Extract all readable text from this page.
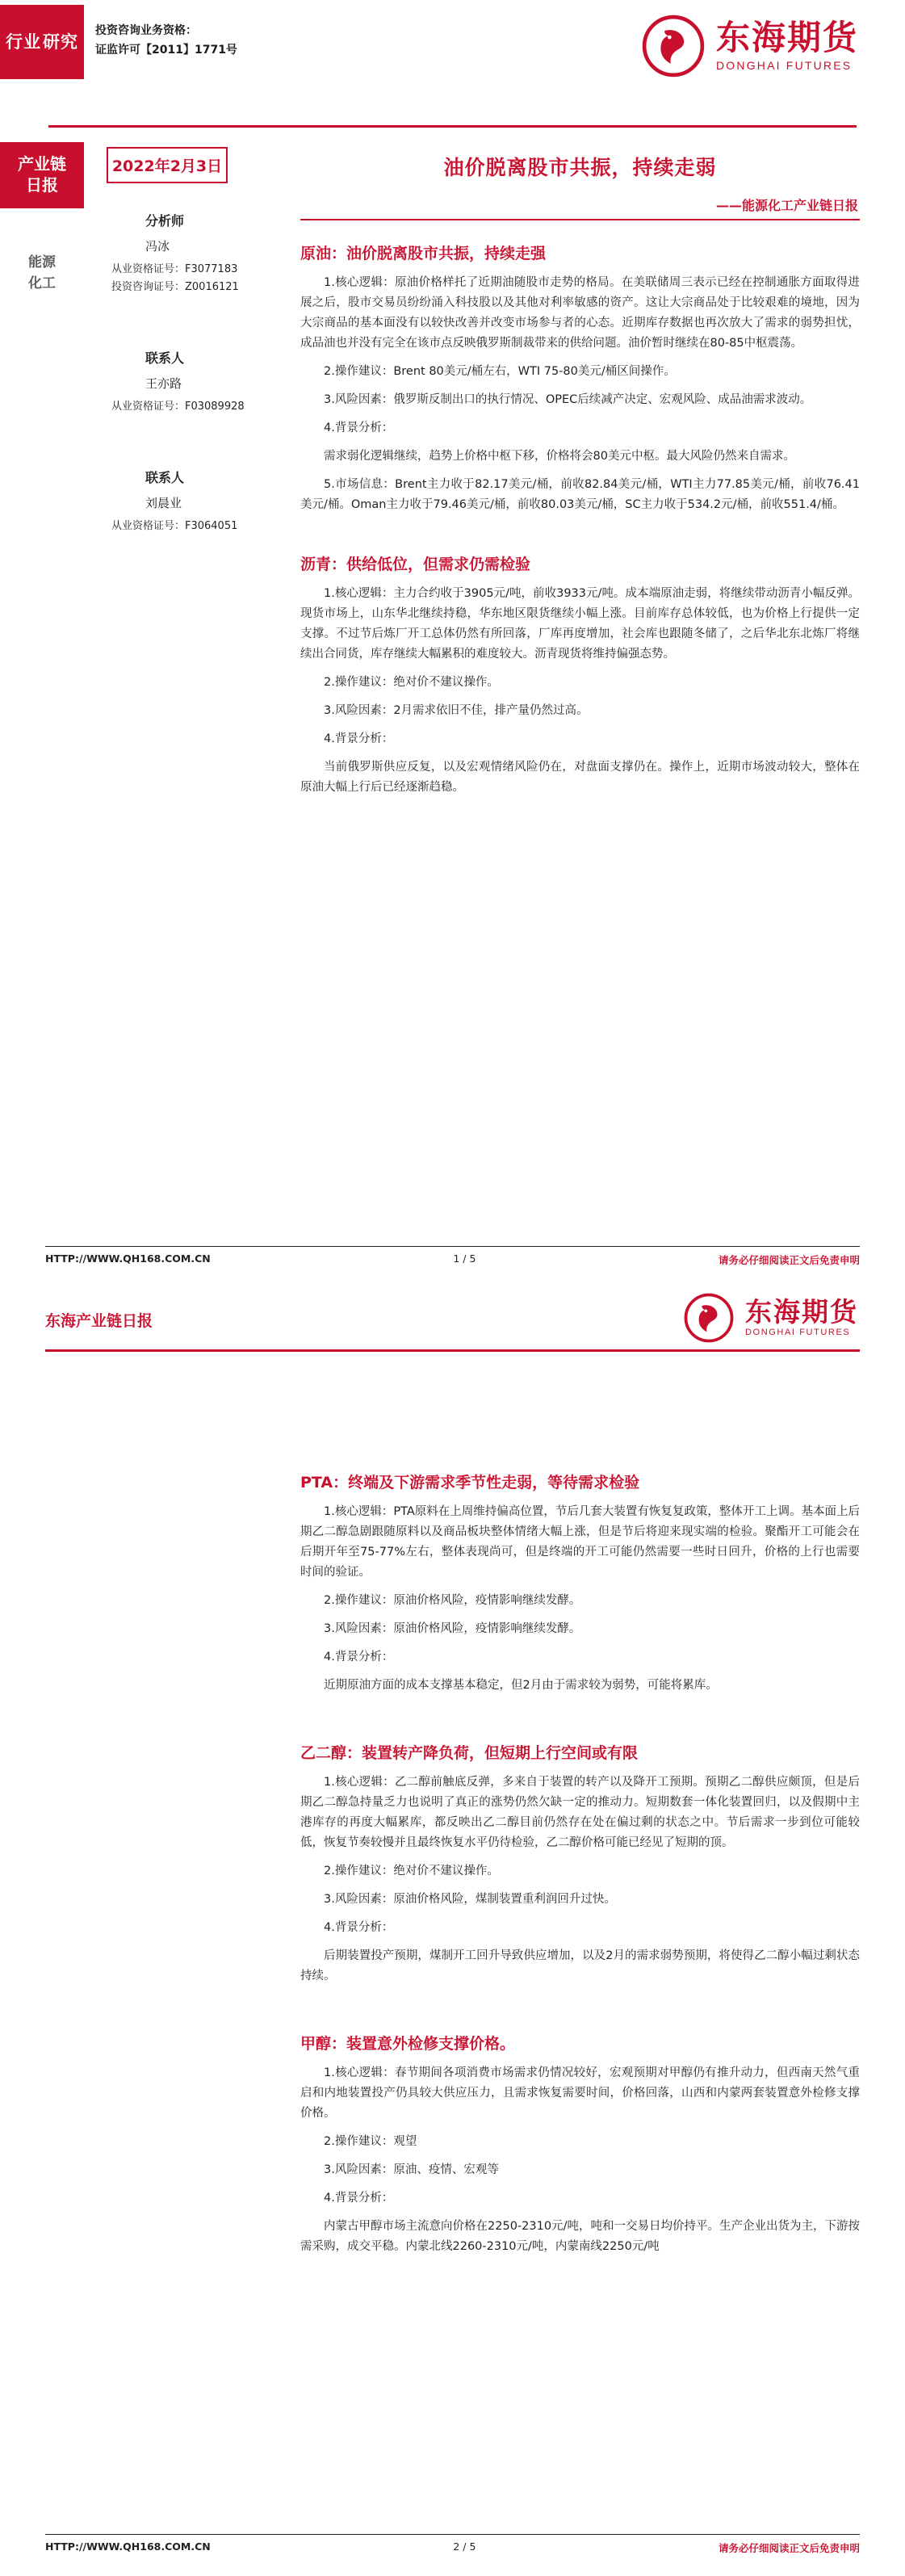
行业 研究
投资咨询业务资格：
证监许可【2011】1771号	东海期货
DONGHAI FUTURES
产业链
日报
能源
化工
2022年2月3日
分析师
冯冰
从业资格证号：F3077183
投资咨询证号：Z0016121
联系人
王亦路
从业资格证号：F03089928
联系人
刘晨业
从业资格证号：F3064051
油价脱离股市共振，持续走弱
——能源化工产业链日报
原油：油价脱离股市共振，持续走强

1.核心逻辑：原油价格样托了近期油随股市走势的格局。在美联储周三表示已经在控制通胀方面取得进展之后，股市交易员纷纷涌入科技股以及其他对利率敏感的资产。这让大宗商品处于比较艰难的境地，因为大宗商品的基本面没有以较快改善并改变市场参与者的心态。近期库存数据也再次放大了需求的弱势担忧，成品油也并没有完全在该市点反映俄罗斯制裁带来的供给问题。油价暂时继续在80-85中枢震荡。

2.操作建议：Brent 80美元/桶左右，WTI 75-80美元/桶区间操作。

3.风险因素：俄罗斯反制出口的执行情况、OPEC后续减产决定、宏观风险、成品油需求波动。

4.背景分析：

需求弱化逻辑继续，趋势上价格中枢下移，价格将会80美元中枢。最大风险仍然来自需求。

5.市场信息：Brent主力收于82.17美元/桶，前收82.84美元/桶，WTI主力77.85美元/桶，前收76.41美元/桶。Oman主力收于79.46美元/桶，前收80.03美元/桶，SC主力收于534.2元/桶，前收551.4/桶。

沥青：供给低位，但需求仍需检验

1.核心逻辑：主力合约收于3905元/吨，前收3933元/吨。成本端原油走弱，将继续带动沥青小幅反弹。现货市场上，山东华北继续持稳，华东地区限货继续小幅上涨。目前库存总体较低，也为价格上行提供一定支撑。不过节后炼厂开工总体仍然有所回落，厂库再度增加，社会库也跟随冬储了，之后华北东北炼厂将继续出合同货，库存继续大幅累积的难度较大。沥青现货将维持偏强态势。

2.操作建议：绝对价不建议操作。

3.风险因素：2月需求依旧不佳，排产量仍然过高。

4.背景分析：

当前俄罗斯供应反复，以及宏观情绪风险仍在，对盘面支撑仍在。操作上，近期市场波动较大，整体在原油大幅上行后已经逐渐趋稳。

HTTP://WWW.QH168.COM.CN	1 / 5	请务必仔细阅读正文后免责申明
东海产业链日报	东海期货
DONGHAI FUTURES
PTA：终端及下游需求季节性走弱，等待需求检验

1.核心逻辑：PTA原料在上周维持偏高位置，节后几套大装置有恢复复政策，整体开工上调。基本面上后期乙二醇急剧跟随原料以及商品板块整体情绪大幅上涨，但是节后将迎来现实端的检验。聚酯开工可能会在后期开年至75-77%左右，整体表现尚可，但是终端的开工可能仍然需要一些时日回升，价格的上行也需要时间的验证。

2.操作建议：原油价格风险，疫情影响继续发酵。

3.风险因素：原油价格风险，疫情影响继续发酵。

4.背景分析：

近期原油方面的成本支撑基本稳定，但2月由于需求较为弱势，可能将累库。

乙二醇：装置转产降负荷，但短期上行空间或有限

1.核心逻辑：乙二醇前触底反弹，多来自于装置的转产以及降开工预期。预期乙二醇供应颇顶，但是后期乙二醇急持量乏力也说明了真正的涨势仍然欠缺一定的推动力。短期数套一体化装置回归，以及假期中主港库存的再度大幅累库，都反映出乙二醇目前仍然存在处在偏过剩的状态之中。节后需求一步到位可能较低，恢复节奏较慢并且最终恢复水平仍待检验，乙二醇价格可能已经见了短期的顶。

2.操作建议：绝对价不建议操作。

3.风险因素：原油价格风险，煤制装置重利润回升过快。

4.背景分析：

后期装置投产预期，煤制开工回升导致供应增加，以及2月的需求弱势预期，将使得乙二醇小幅过剩状态持续。

甲醇：装置意外检修支撑价格。

1.核心逻辑：春节期间各项消费市场需求仍情况较好，宏观预期对甲醇仍有推升动力，但西南天然气重启和内地装置投产仍具较大供应压力，且需求恢复需要时间，价格回落，山西和内蒙两套装置意外检修支撑价格。

2.操作建议：观望

3.风险因素：原油、疫情、宏观等

4.背景分析：

内蒙古甲醇市场主流意向价格在2250-2310元/吨，吨和一交易日均价持平。生产企业出货为主，下游按需采购，成交平稳。内蒙北线2260-2310元/吨，内蒙南线2250元/吨

HTTP://WWW.QH168.COM.CN	2 / 5	请务必仔细阅读正文后免责申明
